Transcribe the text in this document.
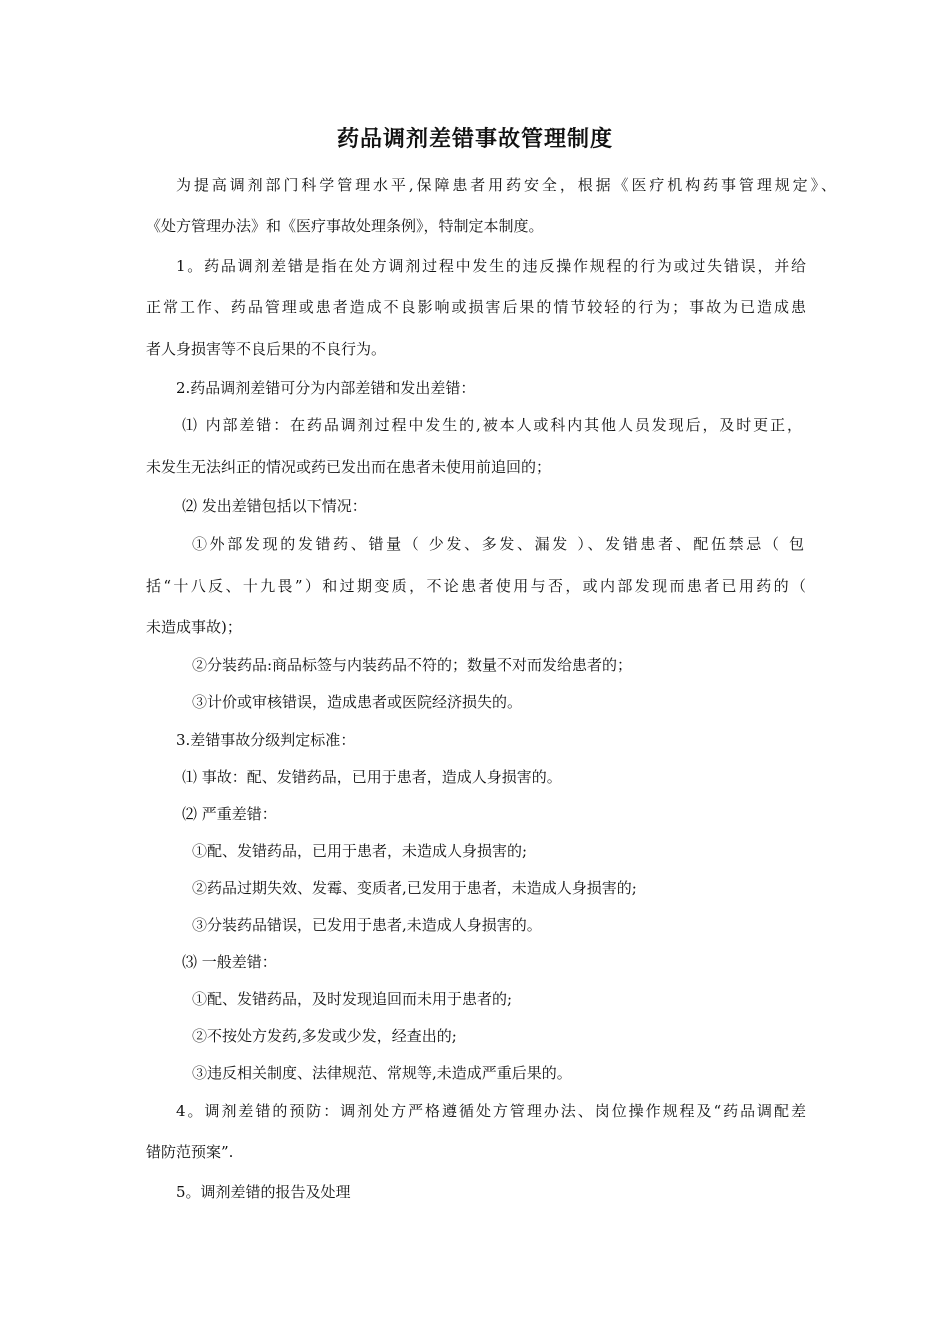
药品调剂差错事故管理制度
为提高调剂部门科学管理水平,保障患者用药安全，根据《医疗机构药事管理规定》、
《处方管理办法》和《医疗事故处理条例》，特制定本制度。
1。药品调剂差错是指在处方调剂过程中发生的违反操作规程的行为或过失错误，并给
正常工作、药品管理或患者造成不良影响或损害后果的情节较轻的行为；事故为已造成患
者人身损害等不良后果的不良行为。
2.药品调剂差错可分为内部差错和发出差错：
⑴ 内部差错：在药品调剂过程中发生的,被本人或科内其他人员发现后，及时更正，
未发生无法纠正的情况或药已发出而在患者未使用前追回的；
⑵ 发出差错包括以下情况：
①外部发现的发错药、错量（ 少发、多发、漏发 ）、发错患者、配伍禁忌（ 包
括“十八反、十九畏”）和过期变质，不论患者使用与否，或内部发现而患者已用药的（
未造成事故)；
②分装药品:商品标签与内装药品不符的；数量不对而发给患者的；
③计价或审核错误，造成患者或医院经济损失的。
3.差错事故分级判定标准：
⑴ 事故：配、发错药品，已用于患者，造成人身损害的。
⑵ 严重差错：
①配、发错药品，已用于患者，未造成人身损害的;
②药品过期失效、发霉、变质者,已发用于患者，未造成人身损害的;
③分装药品错误，已发用于患者,未造成人身损害的。
⑶ 一般差错：
①配、发错药品，及时发现追回而未用于患者的;
②不按处方发药,多发或少发，经查出的;
③违反相关制度、法律规范、常规等,未造成严重后果的。
4。调剂差错的预防：调剂处方严格遵循处方管理办法、岗位操作规程及“药品调配差
错防范预案”.
5。调剂差错的报告及处理
